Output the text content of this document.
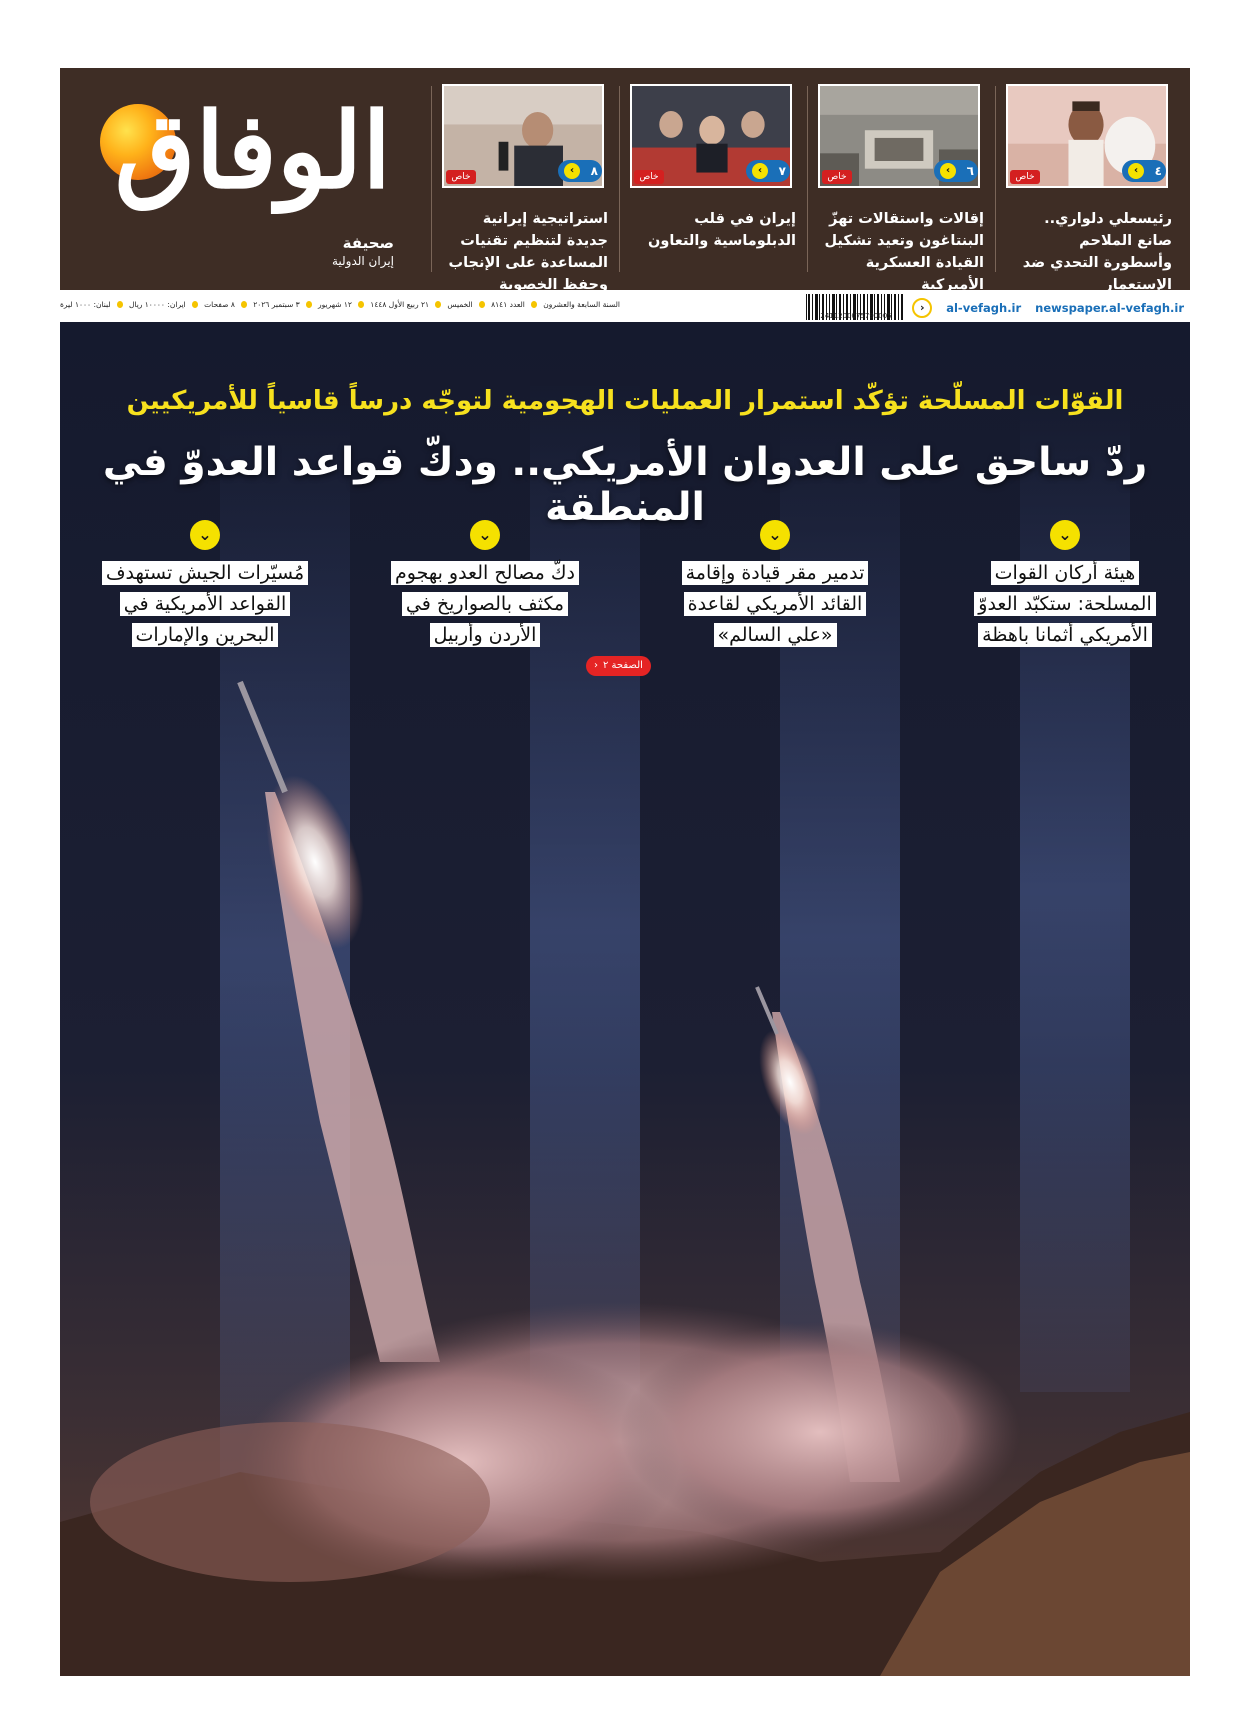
‹	٤
خاص
رئيسعلي دلواري.. صانع الملاحم وأسطورة التحدي ضد الإستعمار
‹	٦
خاص
إقالات واستقالات تهزّ البنتاغون وتعيد تشكيل القيادة العسكرية الأميركية
‹	٧
خاص
إيران في قلب الدبلوماسية والتعاون
‹	٨
خاص
استراتيجية إيرانية جديدة لتنظيم تقنيات المساعدة على الإنجاب وحفظ الخصوبة
الوفاق
صحيفة
إيران الدولية
›	al-vefagh.ir newspaper.al-vefagh.ir
2411200075790005
السنة السابعة والعشرون
العدد ٨١٤١
الخميس
٢١ ربيع الأول ١٤٤٨
١٢ شهريور
٣ سبتمبر ٢٠٢٦
٨ صفحات
ايران: ١٠٠٠٠ ريال
لبنان: ١٠٠٠ ليرة
القوّات المسلّحة تؤكّد استمرار العمليات الهجومية لتوجّه درساً قاسياً للأمريكيين
ردّ ساحق على العدوان الأمريكي.. ودكّ قواعد العدوّ في المنطقة
⌄
هيئة أركان القوات المسلحة: ستكبّد العدوّ الأمريكي أثمانا باهظة
⌄
تدمير مقر قيادة وإقامة القائد الأمريكي لقاعدة «علي السالم»
⌄
دكّ مصالح العدو بهجوم مكثف بالصواريخ في الأردن وأربيل
⌄
مُسيّرات الجيش تستهدف القواعد الأمريكية في البحرين والإمارات
الصفحة ٢
‹
